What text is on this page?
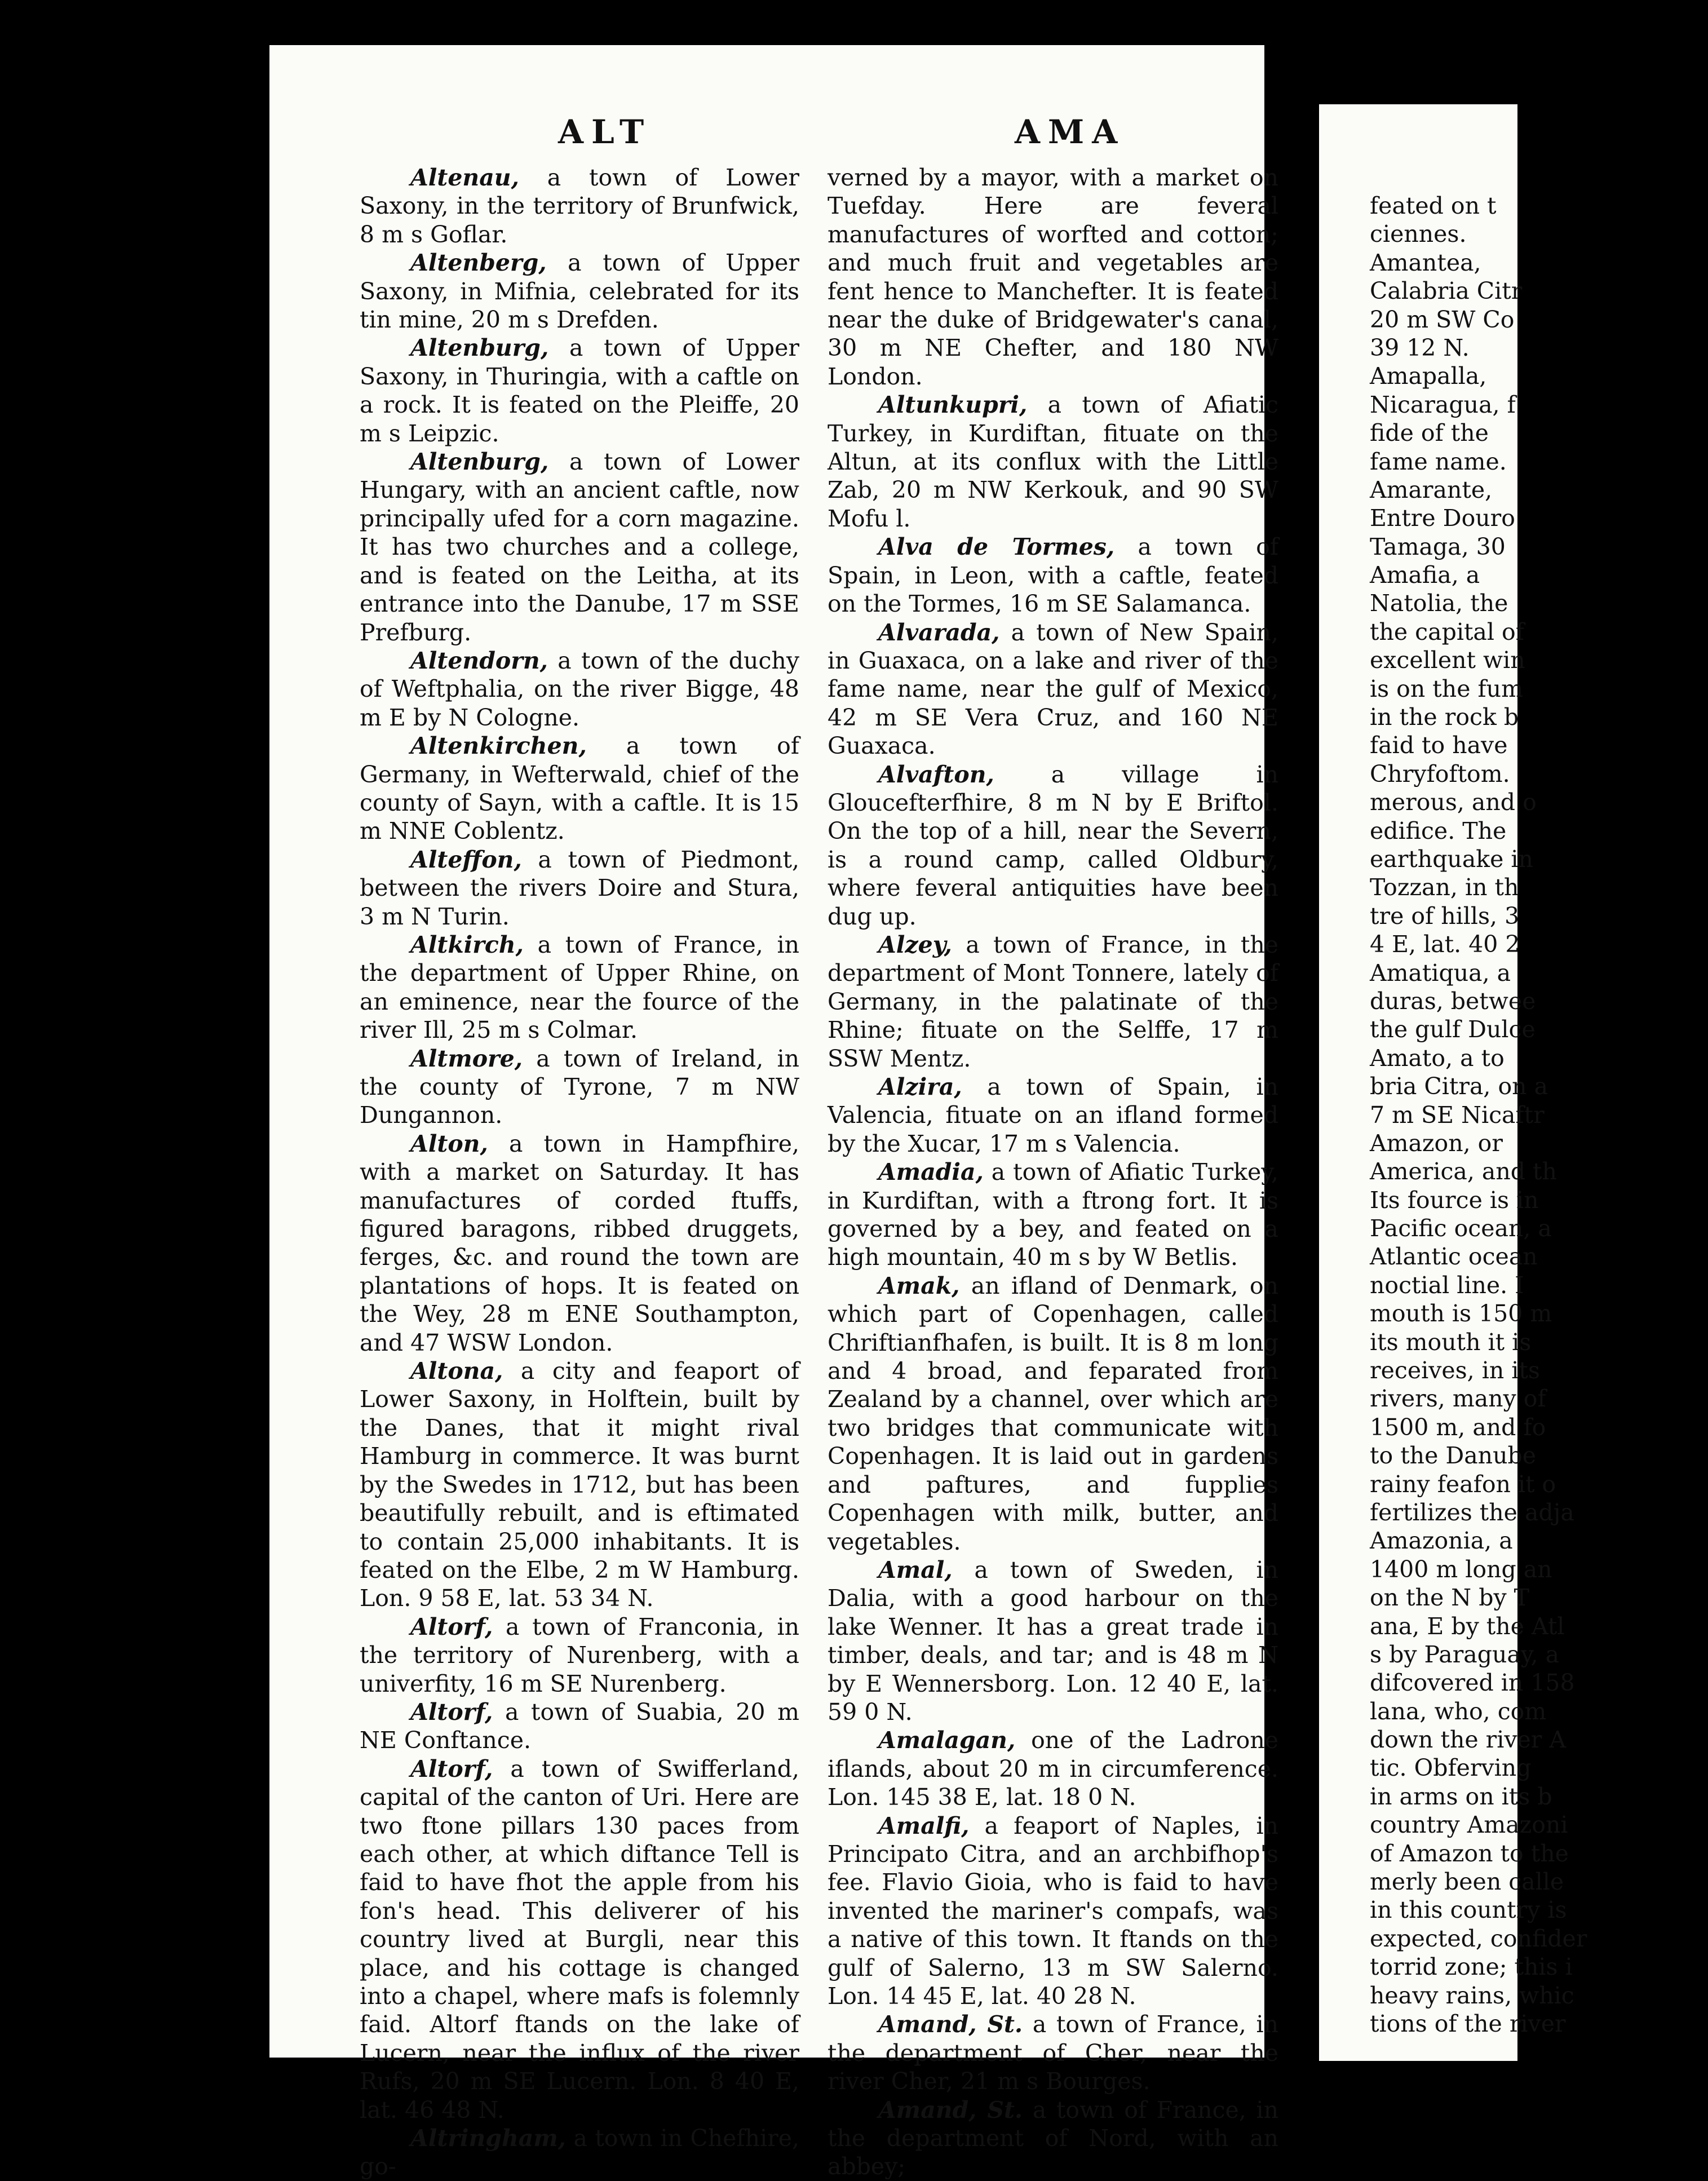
ALT	AMA

Altenau, a town of Lower Saxony, in the territory of Brunfwick, 8 m s Goflar.

Altenberg, a town of Upper Saxony, in Mifnia, celebrated for its tin mine, 20 m s Drefden.

Altenburg, a town of Upper Saxony, in Thuringia, with a caftle on a rock. It is feated on the Pleiffe, 20 m s Leipzic.

Altenburg, a town of Lower Hungary, with an ancient caftle, now principally ufed for a corn magazine. It has two churches and a college, and is feated on the Leitha, at its entrance into the Danube, 17 m SSE Prefburg.

Altendorn, a town of the duchy of Weftphalia, on the river Bigge, 48 m E by N Cologne.

Altenkirchen, a town of Germany, in Wefterwald, chief of the county of Sayn, with a caftle. It is 15 m NNE Coblentz.

Alteffon, a town of Piedmont, between the rivers Doire and Stura, 3 m N Turin.

Altkirch, a town of France, in the department of Upper Rhine, on an eminence, near the fource of the river Ill, 25 m s Colmar.

Altmore, a town of Ireland, in the county of Tyrone, 7 m NW Dungannon.

Alton, a town in Hampfhire, with a market on Saturday. It has manufactures of corded ftuffs, figured baragons, ribbed druggets, ferges, &c. and round the town are plantations of hops. It is feated on the Wey, 28 m ENE Southampton, and 47 WSW London.

Altona, a city and feaport of Lower Saxony, in Holftein, built by the Danes, that it might rival Hamburg in commerce. It was burnt by the Swedes in 1712, but has been beautifully rebuilt, and is eftimated to contain 25,000 inhabitants. It is feated on the Elbe, 2 m W Hamburg. Lon. 9 58 E, lat. 53 34 N.

Altorf, a town of Franconia, in the territory of Nurenberg, with a univerfity, 16 m SE Nurenberg.

Altorf, a town of Suabia, 20 m NE Conftance.

Altorf, a town of Swifferland, capital of the canton of Uri. Here are two ftone pillars 130 paces from each other, at which diftance Tell is faid to have fhot the apple from his fon's head. This deliverer of his country lived at Burgli, near this place, and his cottage is changed into a chapel, where mafs is folemnly faid. Altorf ftands on the lake of Lucern, near the influx of the river Rufs, 20 m SE Lucern. Lon. 8 40 E, lat. 46 48 N.

Altringham, a town in Chefhire, go-

verned by a mayor, with a market on Tuefday. Here are feveral manufactures of worfted and cotton; and much fruit and vegetables are fent hence to Manchefter. It is feated near the duke of Bridgewater's canal, 30 m NE Chefter, and 180 NW London.

Altunkupri, a town of Afiatic Turkey, in Kurdiftan, fituate on the Altun, at its conflux with the Little Zab, 20 m NW Kerkouk, and 90 SW Mofu l.

Alva de Tormes, a town of Spain, in Leon, with a caftle, feated on the Tormes, 16 m SE Salamanca.

Alvarada, a town of New Spain, in Guaxaca, on a lake and river of the fame name, near the gulf of Mexico, 42 m SE Vera Cruz, and 160 NE Guaxaca.

Alvafton, a village in Gloucefterfhire, 8 m N by E Briftol. On the top of a hill, near the Severn, is a round camp, called Oldbury, where feveral antiquities have been dug up.

Alzey, a town of France, in the department of Mont Tonnere, lately of Germany, in the palatinate of the Rhine; fituate on the Selffe, 17 m SSW Mentz.

Alzira, a town of Spain, in Valencia, fituate on an ifland formed by the Xucar, 17 m s Valencia.

Amadia, a town of Afiatic Turkey, in Kurdiftan, with a ftrong fort. It is governed by a bey, and feated on a high mountain, 40 m s by W Betlis.

Amak, an ifland of Denmark, on which part of Copenhagen, called Chriftianfhafen, is built. It is 8 m long and 4 broad, and feparated from Zealand by a channel, over which are two bridges that communicate with Copenhagen. It is laid out in gardens and paftures, and fupplies Copenhagen with milk, butter, and vegetables.

Amal, a town of Sweden, in Dalia, with a good harbour on the lake Wenner. It has a great trade in timber, deals, and tar; and is 48 m N by E Wennersborg. Lon. 12 40 E, lat. 59 0 N.

Amalagan, one of the Ladrone iflands, about 20 m in circumference. Lon. 145 38 E, lat. 18 0 N.

Amalfi, a feaport of Naples, in Principato Citra, and an archbifhop's fee. Flavio Gioia, who is faid to have invented the mariner's compafs, was a native of this town. It ftands on the gulf of Salerno, 13 m SW Salerno. Lon. 14 45 E, lat. 40 28 N.

Amand, St. a town of France, in the department of Cher, near the river Cher, 21 m s Bourges.

Amand, St. a town of France, in the department of Nord, with an abbey;

feated on t
ciennes.
Amantea,
Calabria Citr
20 m SW Co
39 12 N.
Amapalla,
Nicaragua, f
fide of the
fame name.
Amarante,
Entre Douro
Tamaga, 30
Amafia, a
Natolia, the
the capital of
excellent win
is on the fum
in the rock b
faid to have
Chryfoftom.
merous, and o
edifice. The
earthquake in
Tozzan, in th
tre of hills, 3
4 E, lat. 40 2
Amatiqua, a
duras, betwee
the gulf Dulce
Amato, a to
bria Citra, on a
7 m SE Nicaftr
Amazon, or
America, and th
Its fource is in
Pacific ocean, a
Atlantic ocean
noctial line. I
mouth is 150 m
its mouth it is
receives, in its
rivers, many of
1500 m, and fo
to the Danube
rainy feafon it o
fertilizes the adja
Amazonia, a
1400 m long an
on the N by T
ana, E by the Atl
s by Paraguay, a
difcovered in 158
lana, who, com
down the river A
tic. Obferving
in arms on its b
country Amazoni
of Amazon to the
merly been calle
in this country is
expected, confider
torrid zone; this i
heavy rains, whic
tions of the river
